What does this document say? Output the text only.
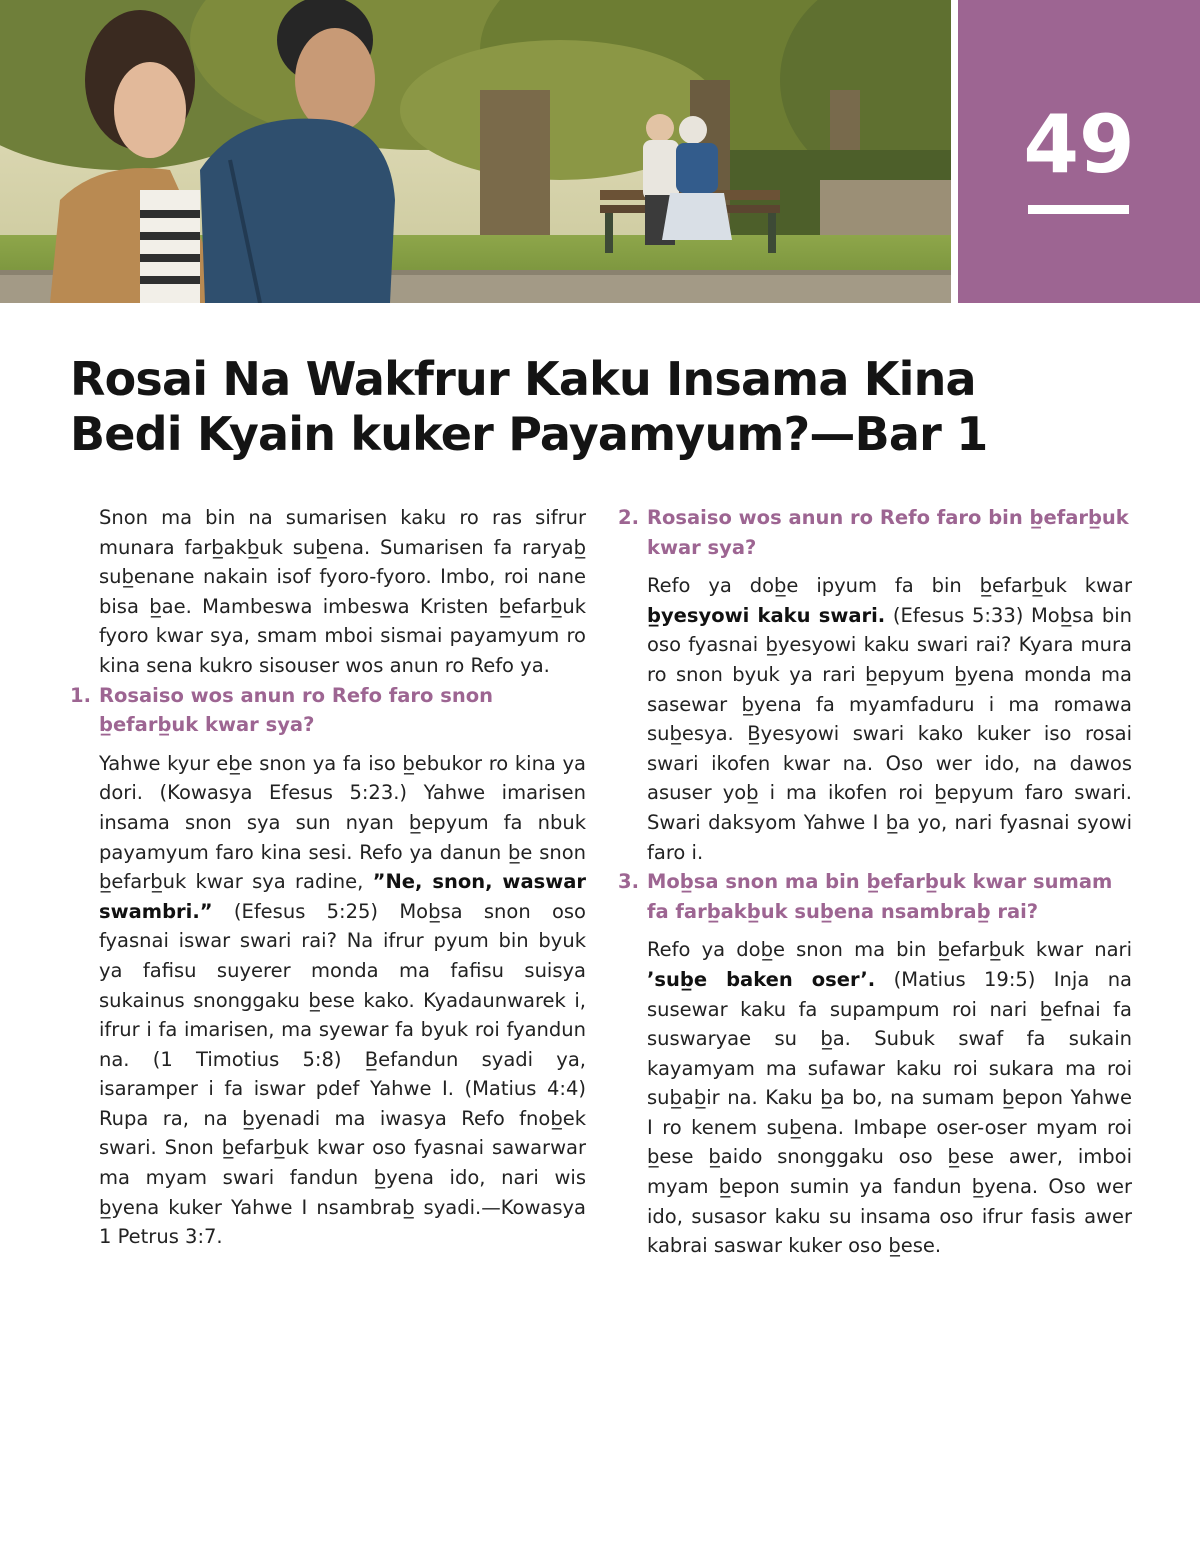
49
Rosai Na Wakfrur Kaku Insama Kina Bedi Kyain kuker Payamyum?—Bar 1

Snon ma bin na sumarisen kaku ro ras sifrur munara farb̲akb̲uk sub̲ena. Sumarisen fa raryab̲ sub̲enane nakain isof fyoro-fyoro. Imbo, roi nane bisa b̲ae. Mambeswa imbeswa Kristen b̲efarb̲uk fyoro kwar sya, smam mboi sismai payamyum ro kina sena kukro sisouser wos anun ro Refo ya.

1. Rosaiso wos anun ro Refo faro snon b̲efarb̲uk kwar sya?

Yahwe kyur eb̲e snon ya fa iso b̲ebukor ro kina ya dori. (Kowasya Efesus 5:23.) Yahwe imarisen insama snon sya sun nyan b̲epyum fa nbuk payamyum faro kina sesi. Refo ya danun b̲e snon b̲efarb̲uk kwar sya radine, ”Ne, snon, waswar swambri.” (Efesus 5:25) Mob̲sa snon oso fyasnai iswar swari rai? Na ifrur pyum bin byuk ya fafisu suyerer monda ma fafisu suisya sukainus snonggaku b̲ese kako. Kyadaunwarek i, ifrur i fa imarisen, ma syewar fa byuk roi fyandun na. (1 Timotius 5:8) B̲efandun syadi ya, isaramper i fa iswar pdef Yahwe I. (Matius 4:4) Rupa ra, na b̲yenadi ma iwasya Refo fnob̲ek swari. Snon b̲efarb̲uk kwar oso fyasnai sawarwar ma myam swari fandun b̲yena ido, nari wis b̲yena kuker Yahwe I nsambrab̲ syadi.—Kowasya 1 Petrus 3:7.

2. Rosaiso wos anun ro Refo faro bin b̲efarb̲uk kwar sya?

Refo ya dob̲e ipyum fa bin b̲efarb̲uk kwar b̲yesyowi kaku swari. (Efesus 5:33) Mob̲sa bin oso fyasnai b̲yesyowi kaku swari rai? Kyara mura ro snon byuk ya rari b̲epyum b̲yena monda ma sasewar b̲yena fa myamfaduru i ma romawa sub̲esya. B̲yesyowi swari kako kuker iso rosai swari ikofen kwar na. Oso wer ido, na dawos asuser yob̲ i ma ikofen roi b̲epyum faro swari. Swari daksyom Yahwe I b̲a yo, nari fyasnai syowi faro i.

3. Mob̲sa snon ma bin b̲efarb̲uk kwar sumam fa farb̲akb̲uk sub̲ena nsambrab̲ rai?

Refo ya dob̲e snon ma bin b̲efarb̲uk kwar nari ’sub̲e baken oser’. (Matius 19:5) Inja na susewar kaku fa supampum roi nari b̲efnai fa suswaryae su b̲a. Subuk swaf fa sukain kayamyam ma sufawar kaku roi sukara ma roi sub̲ab̲ir na. Kaku b̲a bo, na sumam b̲epon Yahwe I ro kenem sub̲ena. Imbape oser-oser myam roi b̲ese b̲aido snonggaku oso b̲ese awer, imboi myam b̲epon sumin ya fandun b̲yena. Oso wer ido, susasor kaku su insama oso ifrur fasis awer kabrai saswar kuker oso b̲ese.
